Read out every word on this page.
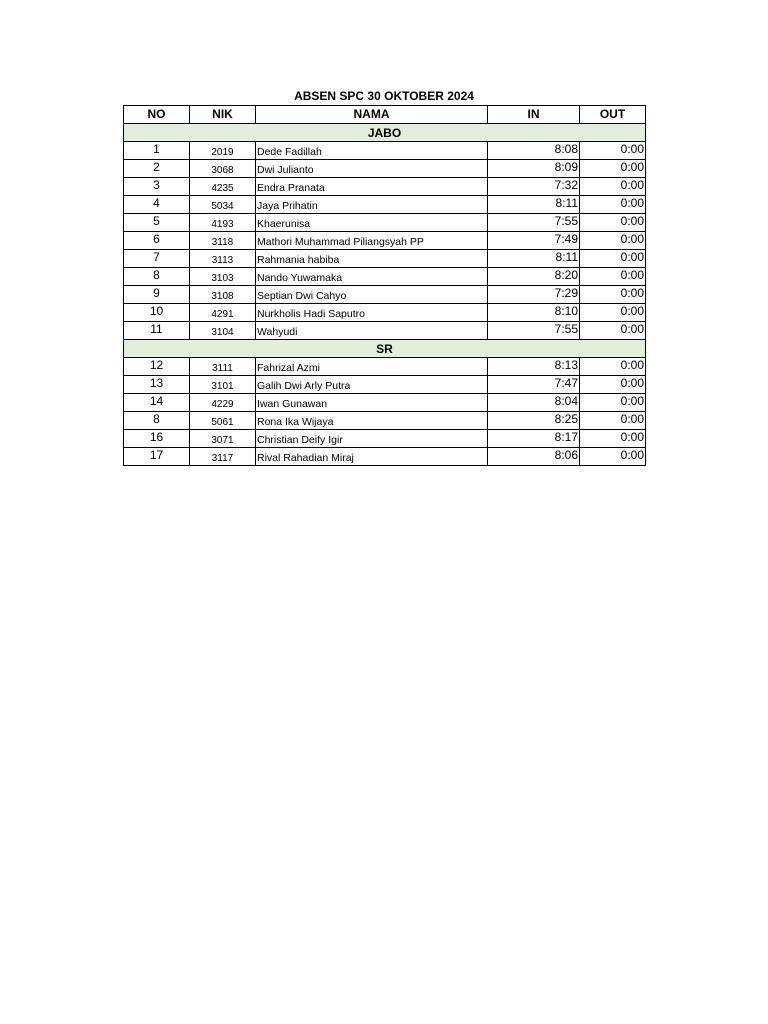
ABSEN SPC 30 OKTOBER 2024
NO	NIK	NAMA	IN	OUT
JABO				
1	2019	Dede Fadillah	8:08	0:00
2	3068	Dwi Julianto	8:09	0:00
3	4235	Endra Pranata	7:32	0:00
4	5034	Jaya Prihatin	8:11	0:00
5	4193	Khaerunisa	7:55	0:00
6	3118	Mathori Muhammad Piliangsyah PP	7:49	0:00
7	3113	Rahmania habiba	8:11	0:00
8	3103	Nando Yuwamaka	8:20	0:00
9	3108	Septian Dwi Cahyo	7:29	0:00
10	4291	Nurkholis Hadi Saputro	8:10	0:00
11	3104	Wahyudi	7:55	0:00
SR				
12	3111	Fahrizal Azmi	8:13	0:00
13	3101	Galih Dwi Arly Putra	7:47	0:00
14	4229	Iwan Gunawan	8:04	0:00
8	5061	Rona Ika Wijaya	8:25	0:00
16	3071	Christian Deify Igir	8:17	0:00
17	3117	Rival Rahadian Miraj	8:06	0:00
